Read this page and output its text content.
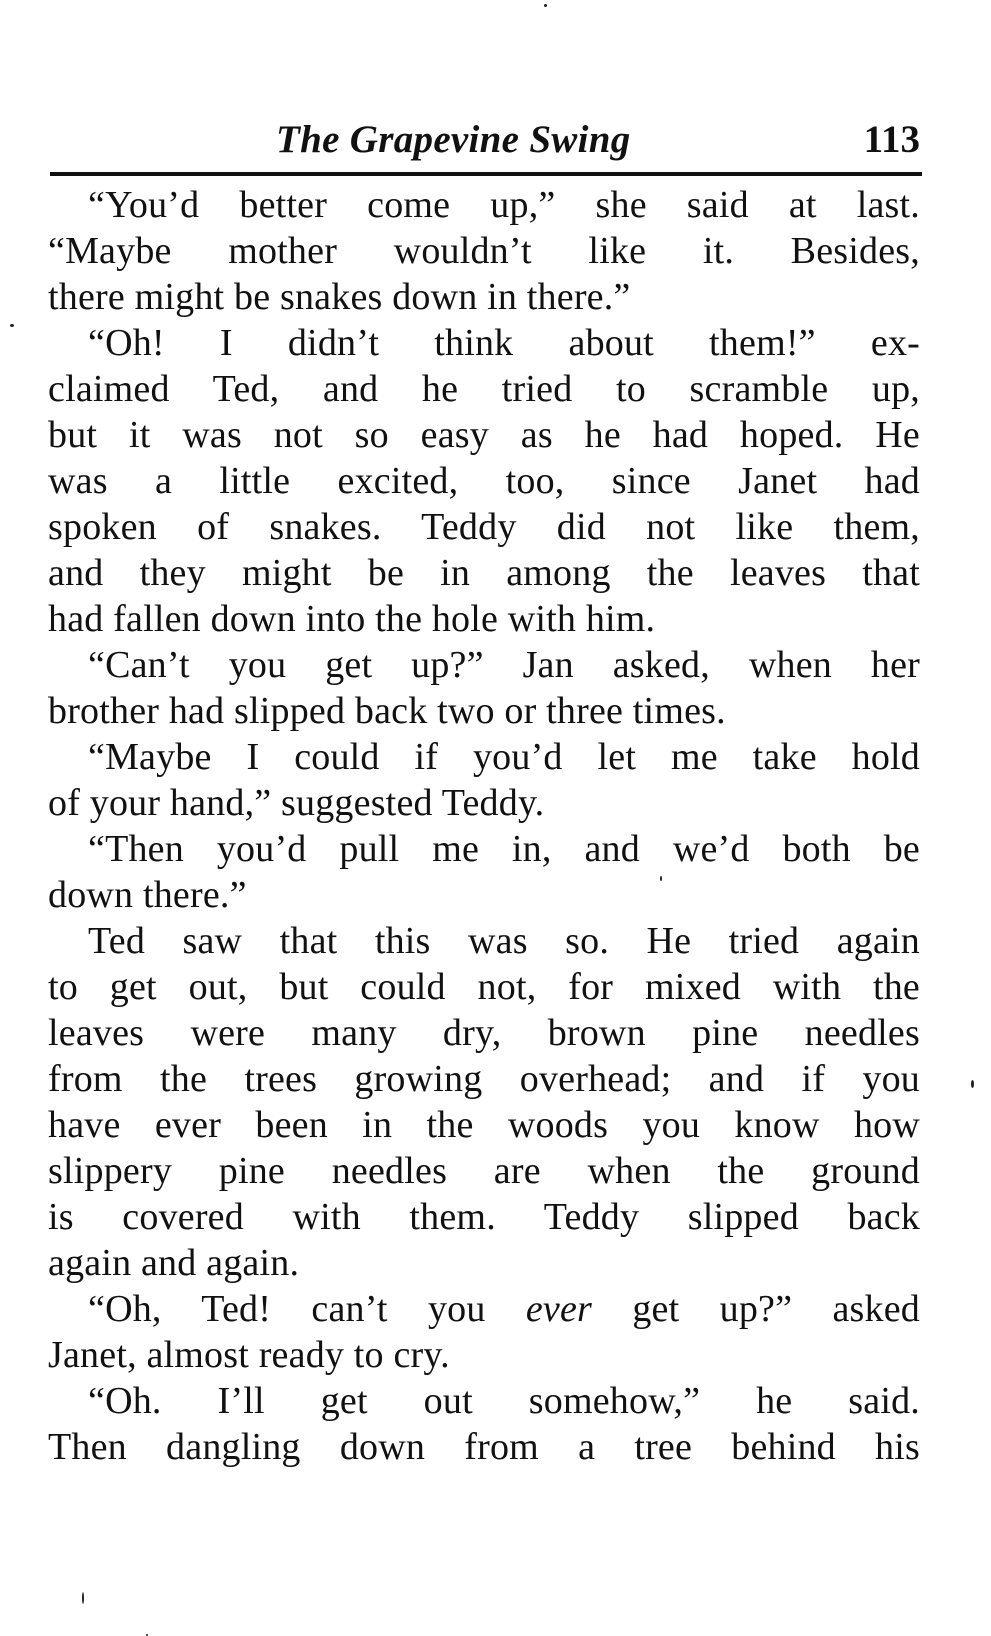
The Grapevine Swing	113
“You’d better come up,” she said at last.
“Maybe mother wouldn’t like it. Besides,
there might be snakes down in there.”
“Oh! I didn’t think about them!” ex-
claimed Ted, and he tried to scramble up,
but it was not so easy as he had hoped. He
was a little excited, too, since Janet had
spoken of snakes. Teddy did not like them,
and they might be in among the leaves that
had fallen down into the hole with him.
“Can’t you get up?” Jan asked, when her
brother had slipped back two or three times.
“Maybe I could if you’d let me take hold
of your hand,” suggested Teddy.
“Then you’d pull me in, and we’d both be
down there.”
Ted saw that this was so. He tried again
to get out, but could not, for mixed with the
leaves were many dry, brown pine needles
from the trees growing overhead; and if you
have ever been in the woods you know how
slippery pine needles are when the ground
is covered with them. Teddy slipped back
again and again.
“Oh, Ted! can’t you ever get up?” asked
Janet, almost ready to cry.
“Oh. I’ll get out somehow,” he said.
Then dangling down from a tree behind his
